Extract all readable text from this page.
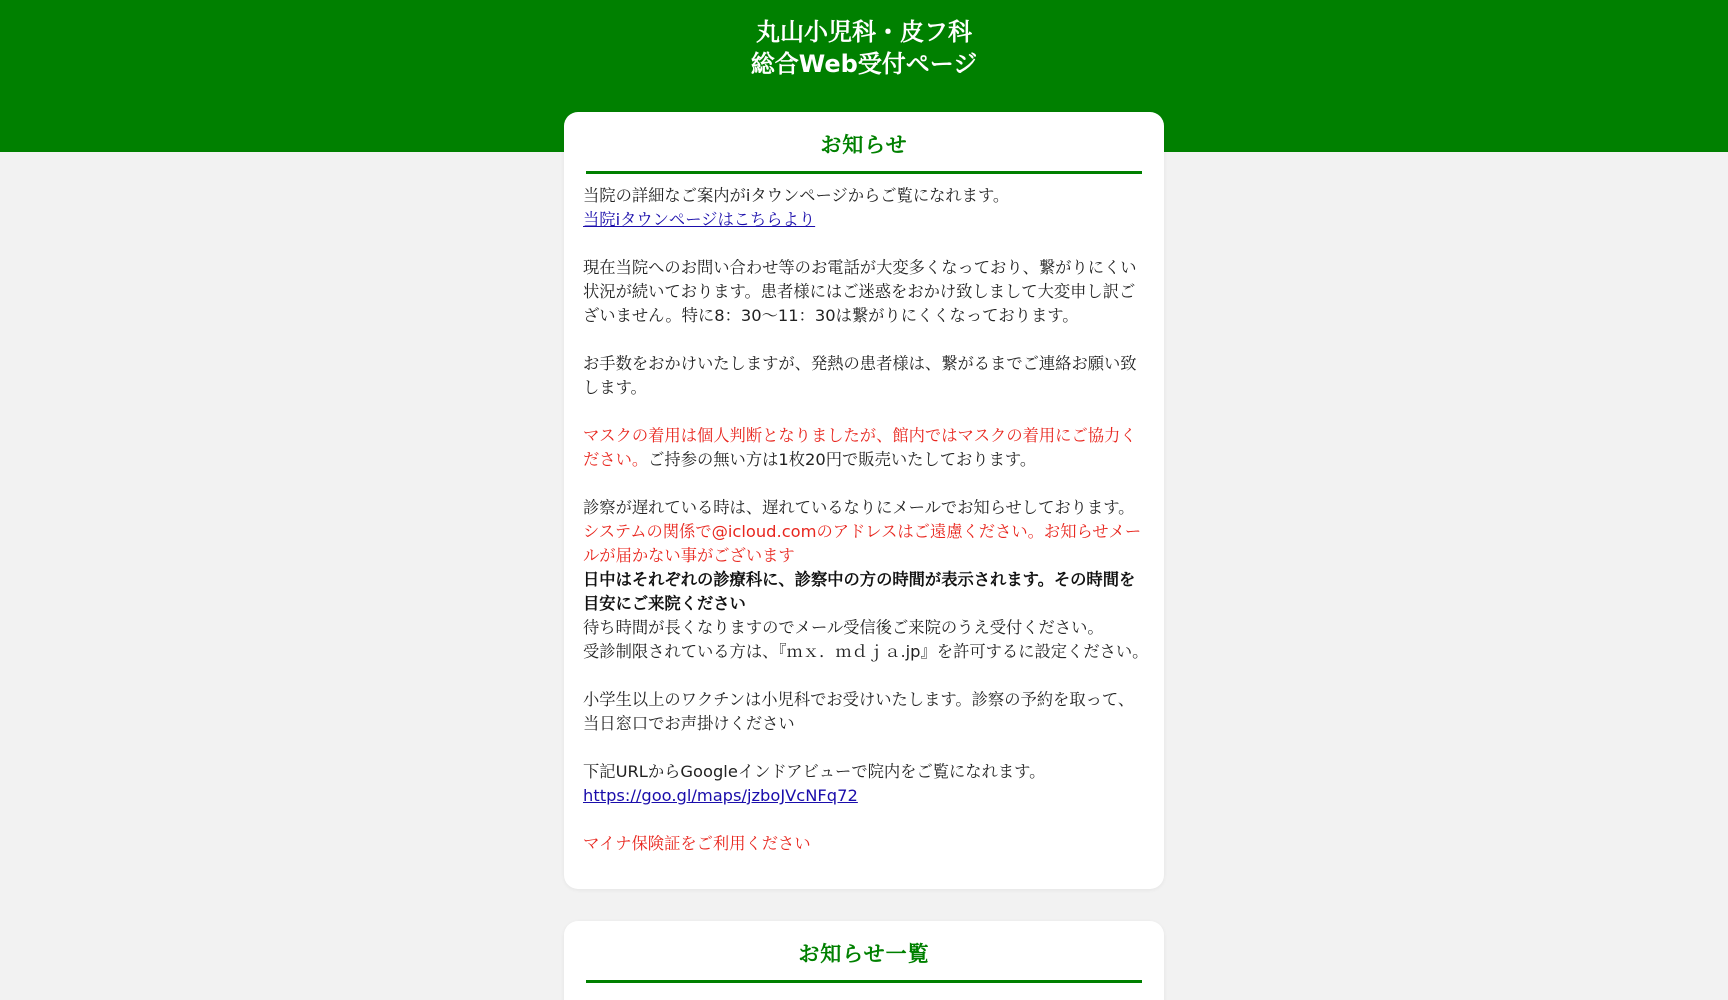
丸山小児科・皮フ科
総合Web受付ページ
お知らせ

当院の詳細なご案内がiタウンページからご覧になれます。

当院iタウンページはこちらより

現在当院へのお問い合わせ等のお電話が大変多くなっており、繋がりにくい状況が続いております。患者様にはご迷惑をおかけ致しまして大変申し訳ございません。特に8：30〜11：30は繋がりにくくなっております。

お手数をおかけいたしますが、発熱の患者様は、繋がるまでご連絡お願い致します。

マスクの着用は個人判断となりましたが、館内ではマスクの着用にご協力ください。ご持参の無い方は1枚20円で販売いたしております。

診察が遅れている時は、遅れているなりにメールでお知らせしております。システムの関係で@icloud.comのアドレスはご遠慮ください。お知らせメールが届かない事がございます

日中はそれぞれの診療科に、診察中の方の時間が表示されます。その時間を目安にご来院ください

待ち時間が長くなりますのでメール受信後ご来院のうえ受付ください。

受診制限されている方は、『ｍｘ．ｍｄｊａ.jp』を許可するに設定ください。

小学生以上のワクチンは小児科でお受けいたします。診察の予約を取って、当日窓口でお声掛けください

下記URLからGoogleインドアビューで院内をご覧になれます。

https://goo.gl/maps/jzboJVcNFq72

マイナ保険証をご利用ください

お知らせ一覧
